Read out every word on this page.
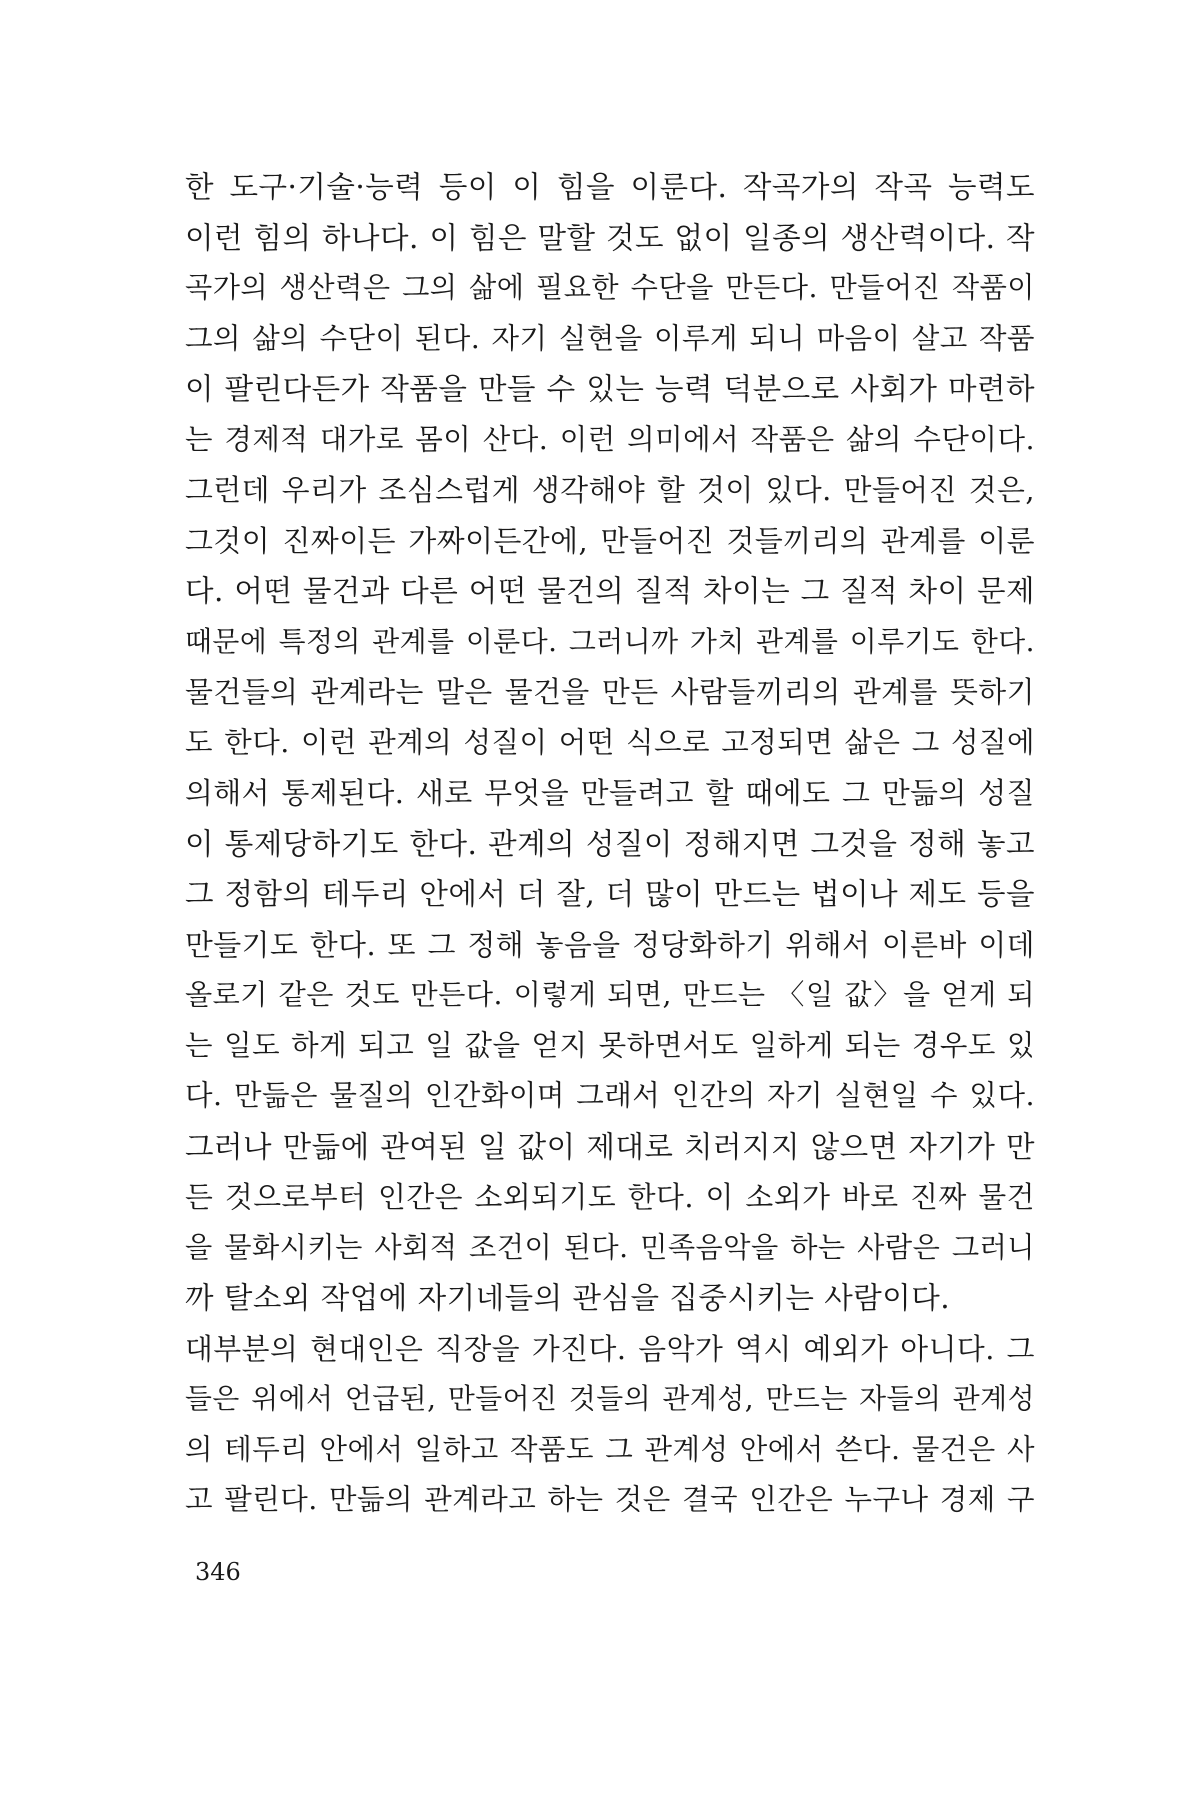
한 도구·기술·능력 등이 이 힘을 이룬다. 작곡가의 작곡 능력도
이런 힘의 하나다. 이 힘은 말할 것도 없이 일종의 생산력이다. 작
곡가의 생산력은 그의 삶에 필요한 수단을 만든다. 만들어진 작품이
그의 삶의 수단이 된다. 자기 실현을 이루게 되니 마음이 살고 작품
이 팔린다든가 작품을 만들 수 있는 능력 덕분으로 사회가 마련하
는 경제적 대가로 몸이 산다. 이런 의미에서 작품은 삶의 수단이다.
그런데 우리가 조심스럽게 생각해야 할 것이 있다. 만들어진 것은,
그것이 진짜이든 가짜이든간에, 만들어진 것들끼리의 관계를 이룬
다. 어떤 물건과 다른 어떤 물건의 질적 차이는 그 질적 차이 문제
때문에 특정의 관계를 이룬다. 그러니까 가치 관계를 이루기도 한다.
물건들의 관계라는 말은 물건을 만든 사람들끼리의 관계를 뜻하기
도 한다. 이런 관계의 성질이 어떤 식으로 고정되면 삶은 그 성질에
의해서 통제된다. 새로 무엇을 만들려고 할 때에도 그 만듦의 성질
이 통제당하기도 한다. 관계의 성질이 정해지면 그것을 정해 놓고
그 정함의 테두리 안에서 더 잘, 더 많이 만드는 법이나 제도 등을
만들기도 한다. 또 그 정해 놓음을 정당화하기 위해서 이른바 이데
올로기 같은 것도 만든다. 이렇게 되면, 만드는 〈일 값〉을 얻게 되
는 일도 하게 되고 일 값을 얻지 못하면서도 일하게 되는 경우도 있
다. 만듦은 물질의 인간화이며 그래서 인간의 자기 실현일 수 있다.
그러나 만듦에 관여된 일 값이 제대로 치러지지 않으면 자기가 만
든 것으로부터 인간은 소외되기도 한다. 이 소외가 바로 진짜 물건
을 물화시키는 사회적 조건이 된다. 민족음악을 하는 사람은 그러니
까 탈소외 작업에 자기네들의 관심을 집중시키는 사람이다.
대부분의 현대인은 직장을 가진다. 음악가 역시 예외가 아니다. 그
들은 위에서 언급된, 만들어진 것들의 관계성, 만드는 자들의 관계성
의 테두리 안에서 일하고 작품도 그 관계성 안에서 쓴다. 물건은 사
고 팔린다. 만듦의 관계라고 하는 것은 결국 인간은 누구나 경제 구
346
